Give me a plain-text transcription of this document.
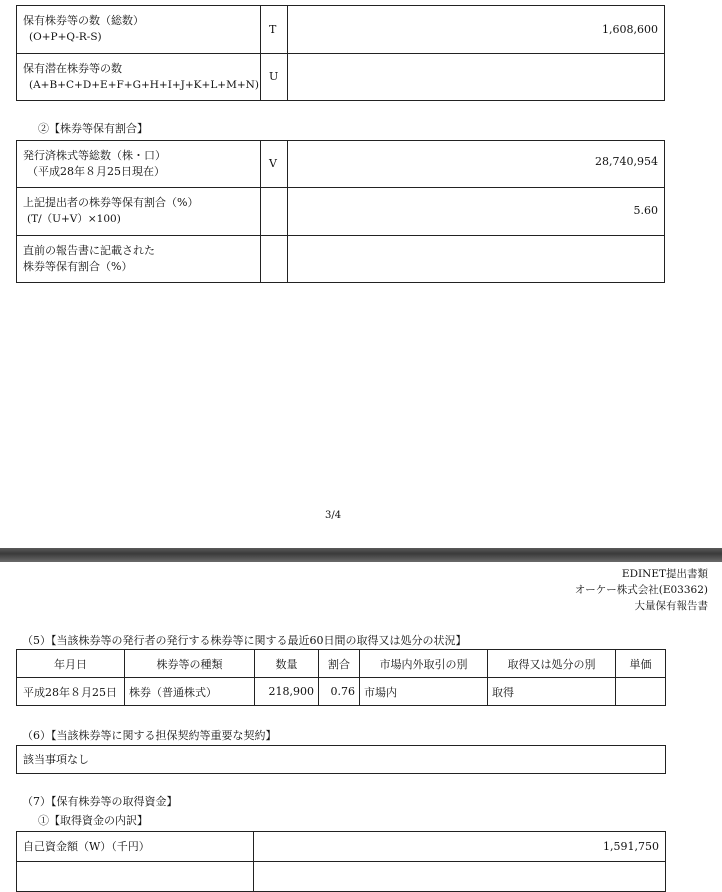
保有株券等の数（総数）
(O+P+Q-R-S)	T	1,608,600

保有潜在株券等の数
(A+B+C+D+E+F+G+H+I+J+K+L+M+N)	U	
②【株券等保有割合】
発行済株式等総数（株・口）
（平成28年８月25日現在）	V	28,740,954

上記提出者の株券等保有割合（%）
(T/（U+V）×100)		5.60

直前の報告書に記載された
株券等保有割合（%）		

3/4
EDINET提出書類
オーケー株式会社(E03362)
大量保有報告書
（5）【当該株券等の発行者の発行する株券等に関する最近60日間の取得又は処分の状況】
年月日	株券等の種類	数量	割合	市場内外取引の別	取得又は処分の別	単価
平成28年８月25日	株券（普通株式）	218,900	0.76	市場内	取得	
（6）【当該株券等に関する担保契約等重要な契約】
該当事項なし
（7）【保有株券等の取得資金】
①【取得資金の内訳】
自己資金額（W）（千円）	1,591,750
